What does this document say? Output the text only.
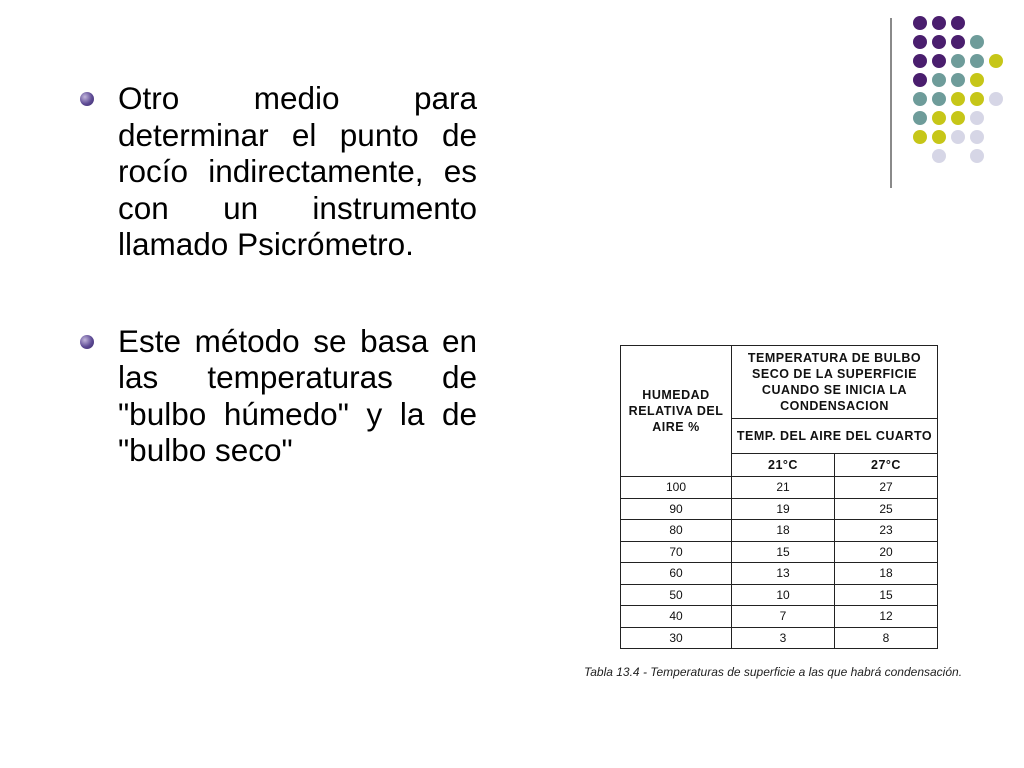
Otro medio para determinar el punto de rocío indirectamente, es con un instrumento llamado Psicrómetro.
Este método se basa en las temperaturas de "bulbo húmedo" y la de "bulbo seco"
HUMEDAD RELATIVA DEL AIRE %	TEMPERATURA DE BULBO SECO DE LA SUPERFICIE CUANDO SE INICIA LA CONDENSACION	
	TEMP. DEL AIRE DEL CUARTO	
	21°C	27°C
100	21	27
90	19	25
80	18	23
70	15	20
60	13	18
50	10	15
40	7	12
30	3	8
Tabla 13.4 - Temperaturas de superficie a las que habrá condensación.
